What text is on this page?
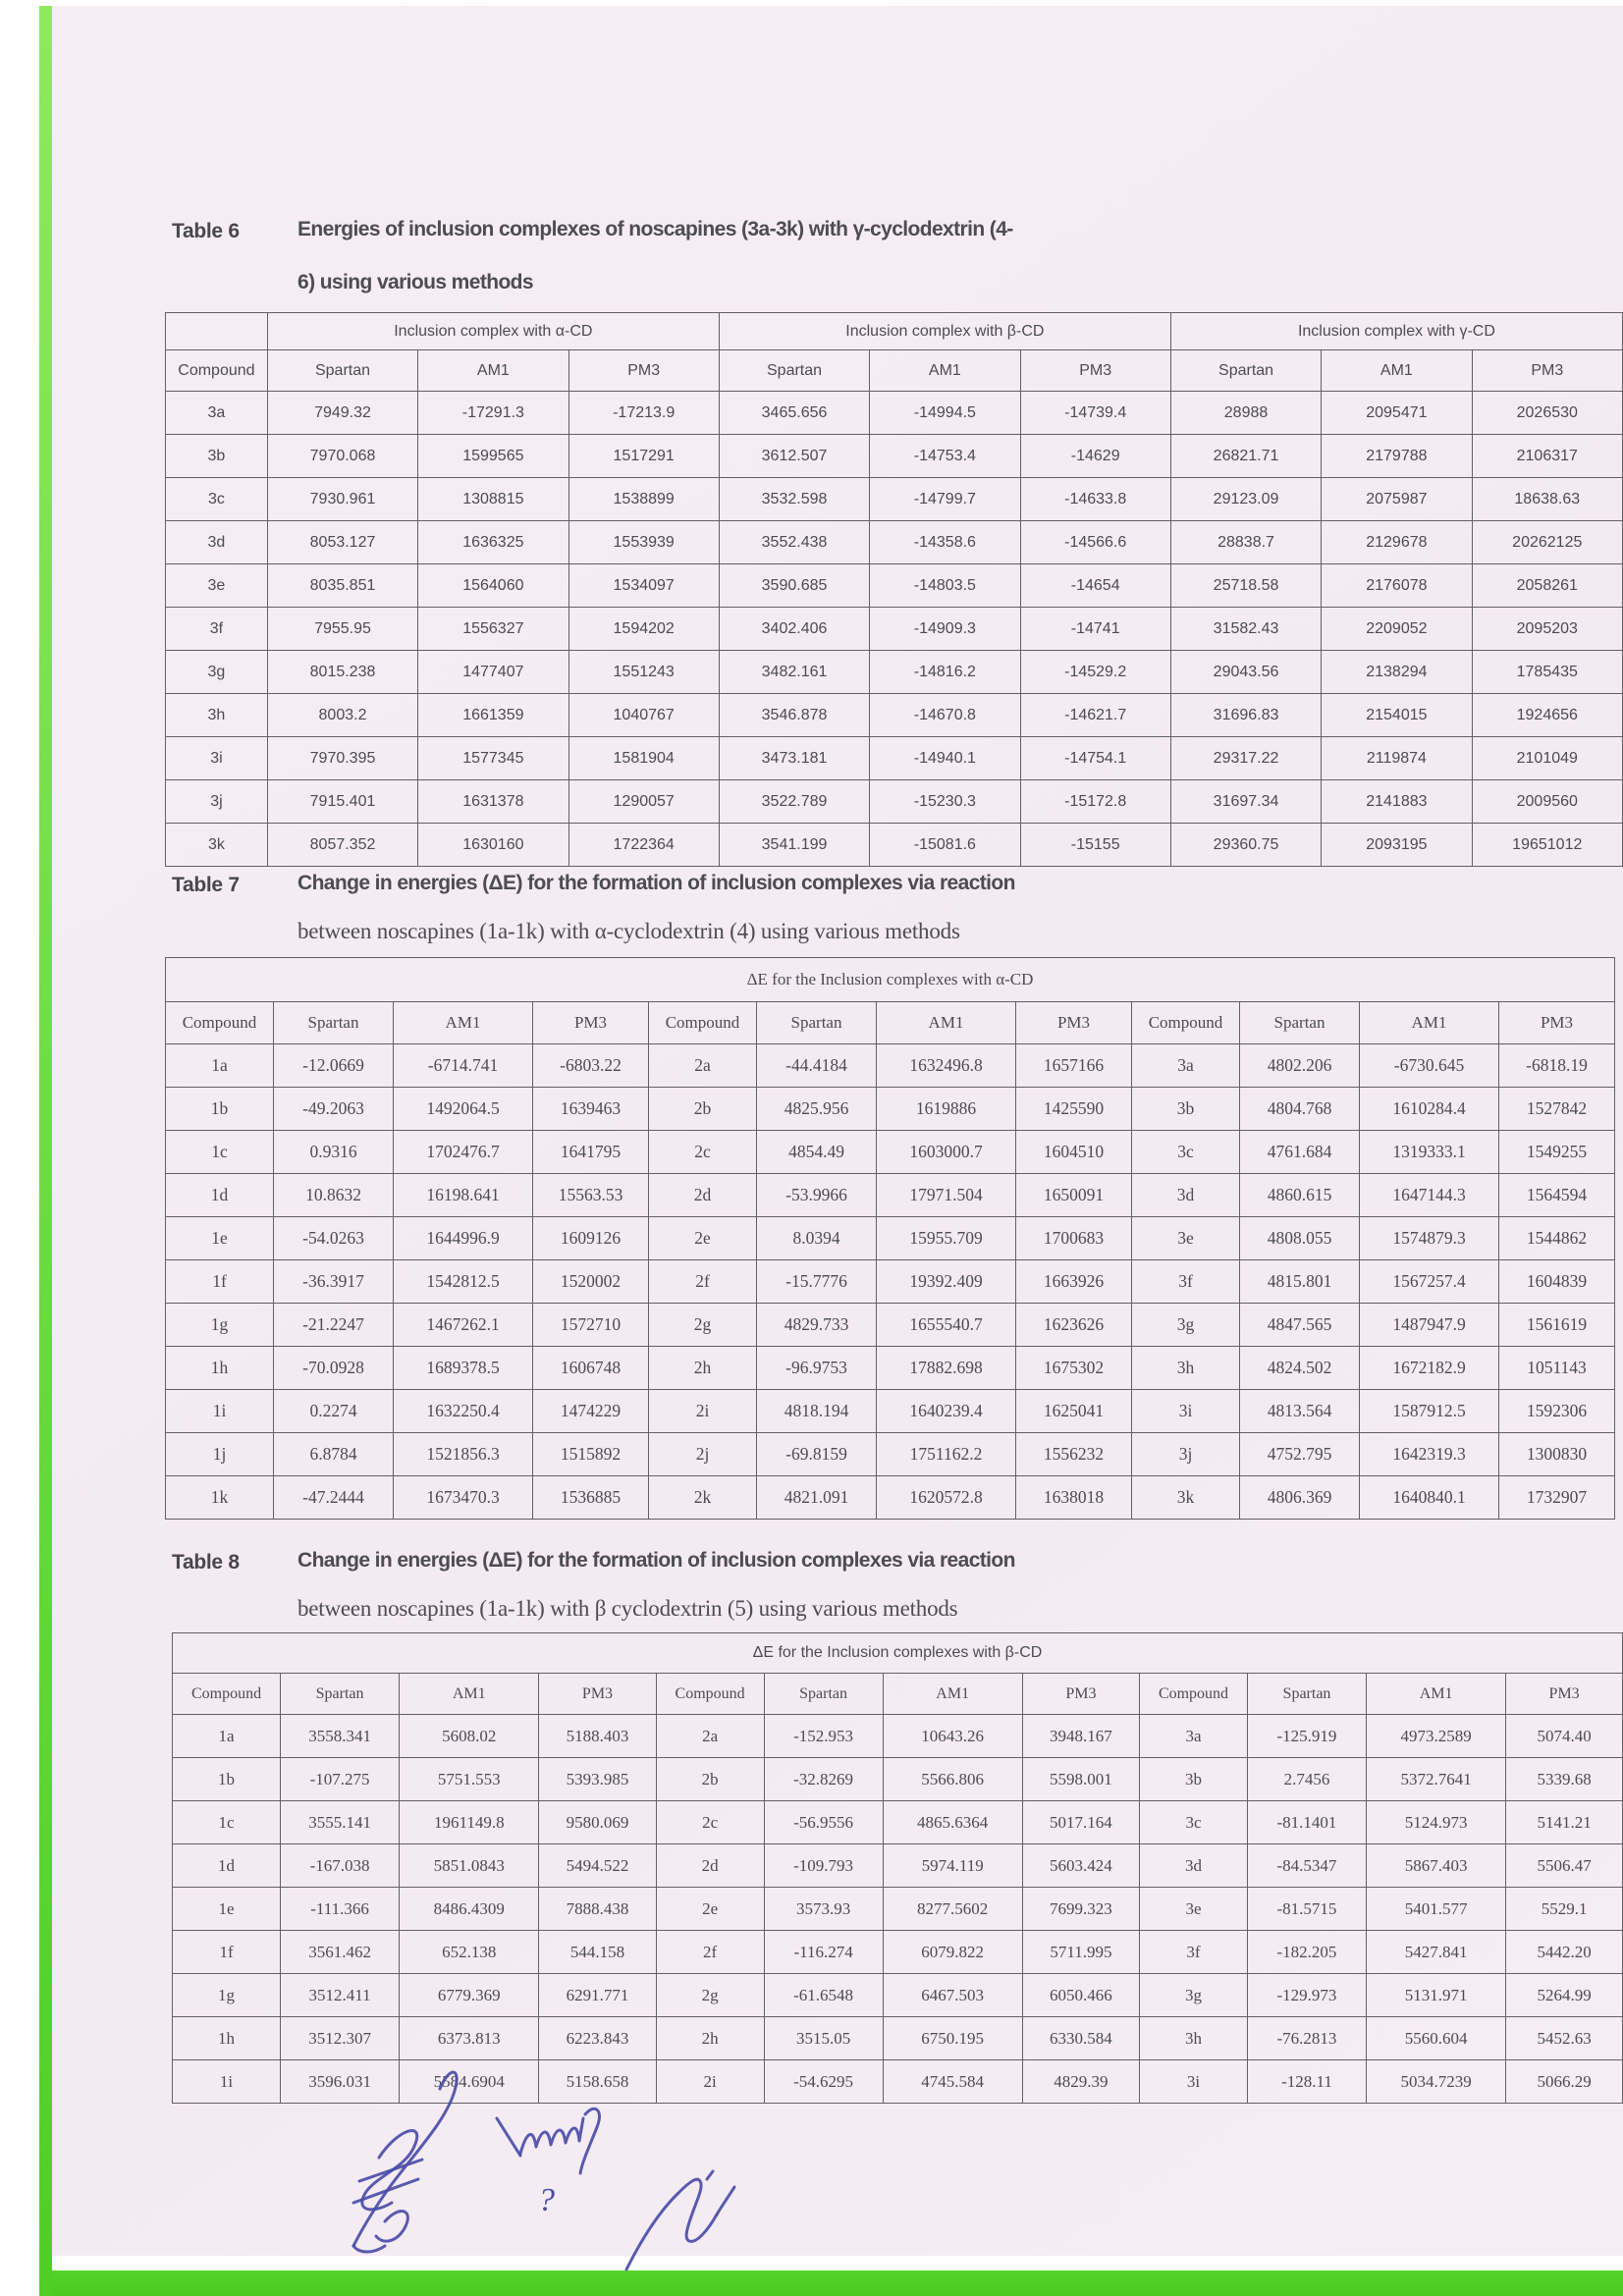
Table 6	Energies of inclusion complexes of noscapines (3a-3k) with γ-cyclodextrin (4-
6) using various methods
	Inclusion complex with α-CD			Inclusion complex with β-CD			Inclusion complex with γ-CD		
Compound	Spartan	AM1	PM3	Spartan	AM1	PM3	Spartan	AM1	PM3
3a	7949.32	-17291.3	-17213.9	3465.656	-14994.5	-14739.4	28988	2095471	2026530
3b	7970.068	1599565	1517291	3612.507	-14753.4	-14629	26821.71	2179788	2106317
3c	7930.961	1308815	1538899	3532.598	-14799.7	-14633.8	29123.09	2075987	18638.63
3d	8053.127	1636325	1553939	3552.438	-14358.6	-14566.6	28838.7	2129678	20262125
3e	8035.851	1564060	1534097	3590.685	-14803.5	-14654	25718.58	2176078	2058261
3f	7955.95	1556327	1594202	3402.406	-14909.3	-14741	31582.43	2209052	2095203
3g	8015.238	1477407	1551243	3482.161	-14816.2	-14529.2	29043.56	2138294	1785435
3h	8003.2	1661359	1040767	3546.878	-14670.8	-14621.7	31696.83	2154015	1924656
3i	7970.395	1577345	1581904	3473.181	-14940.1	-14754.1	29317.22	2119874	2101049
3j	7915.401	1631378	1290057	3522.789	-15230.3	-15172.8	31697.34	2141883	2009560
3k	8057.352	1630160	1722364	3541.199	-15081.6	-15155	29360.75	2093195	19651012
Table 7	Change in energies (ΔE) for the formation of inclusion complexes via reaction
between noscapines (1a-1k) with α-cyclodextrin (4) using various methods
ΔE for the Inclusion complexes with α-CD											
Compound	Spartan	AM1	PM3	Compound	Spartan	AM1	PM3	Compound	Spartan	AM1	PM3
1a	-12.0669	-6714.741	-6803.22	2a	-44.4184	1632496.8	1657166	3a	4802.206	-6730.645	-6818.19
1b	-49.2063	1492064.5	1639463	2b	4825.956	1619886	1425590	3b	4804.768	1610284.4	1527842
1c	0.9316	1702476.7	1641795	2c	4854.49	1603000.7	1604510	3c	4761.684	1319333.1	1549255
1d	10.8632	16198.641	15563.53	2d	-53.9966	17971.504	1650091	3d	4860.615	1647144.3	1564594
1e	-54.0263	1644996.9	1609126	2e	8.0394	15955.709	1700683	3e	4808.055	1574879.3	1544862
1f	-36.3917	1542812.5	1520002	2f	-15.7776	19392.409	1663926	3f	4815.801	1567257.4	1604839
1g	-21.2247	1467262.1	1572710	2g	4829.733	1655540.7	1623626	3g	4847.565	1487947.9	1561619
1h	-70.0928	1689378.5	1606748	2h	-96.9753	17882.698	1675302	3h	4824.502	1672182.9	1051143
1i	0.2274	1632250.4	1474229	2i	4818.194	1640239.4	1625041	3i	4813.564	1587912.5	1592306
1j	6.8784	1521856.3	1515892	2j	-69.8159	1751162.2	1556232	3j	4752.795	1642319.3	1300830
1k	-47.2444	1673470.3	1536885	2k	4821.091	1620572.8	1638018	3k	4806.369	1640840.1	1732907
Table 8	Change in energies (ΔE) for the formation of inclusion complexes via reaction
between noscapines (1a-1k) with β cyclodextrin (5) using various methods
ΔE for the Inclusion complexes with β-CD											
Compound	Spartan	AM1	PM3	Compound	Spartan	AM1	PM3	Compound	Spartan	AM1	PM3
1a	3558.341	5608.02	5188.403	2a	-152.953	10643.26	3948.167	3a	-125.919	4973.2589	5074.40
1b	-107.275	5751.553	5393.985	2b	-32.8269	5566.806	5598.001	3b	2.7456	5372.7641	5339.68
1c	3555.141	1961149.8	9580.069	2c	-56.9556	4865.6364	5017.164	3c	-81.1401	5124.973	5141.21
1d	-167.038	5851.0843	5494.522	2d	-109.793	5974.119	5603.424	3d	-84.5347	5867.403	5506.47
1e	-111.366	8486.4309	7888.438	2e	3573.93	8277.5602	7699.323	3e	-81.5715	5401.577	5529.1
1f	3561.462	652.138	544.158	2f	-116.274	6079.822	5711.995	3f	-182.205	5427.841	5442.20
1g	3512.411	6779.369	6291.771	2g	-61.6548	6467.503	6050.466	3g	-129.973	5131.971	5264.99
1h	3512.307	6373.813	6223.843	2h	3515.05	6750.195	6330.584	3h	-76.2813	5560.604	5452.63
1i	3596.031	5584.6904	5158.658	2i	-54.6295	4745.584	4829.39	3i	-128.11	5034.7239	5066.29
?
